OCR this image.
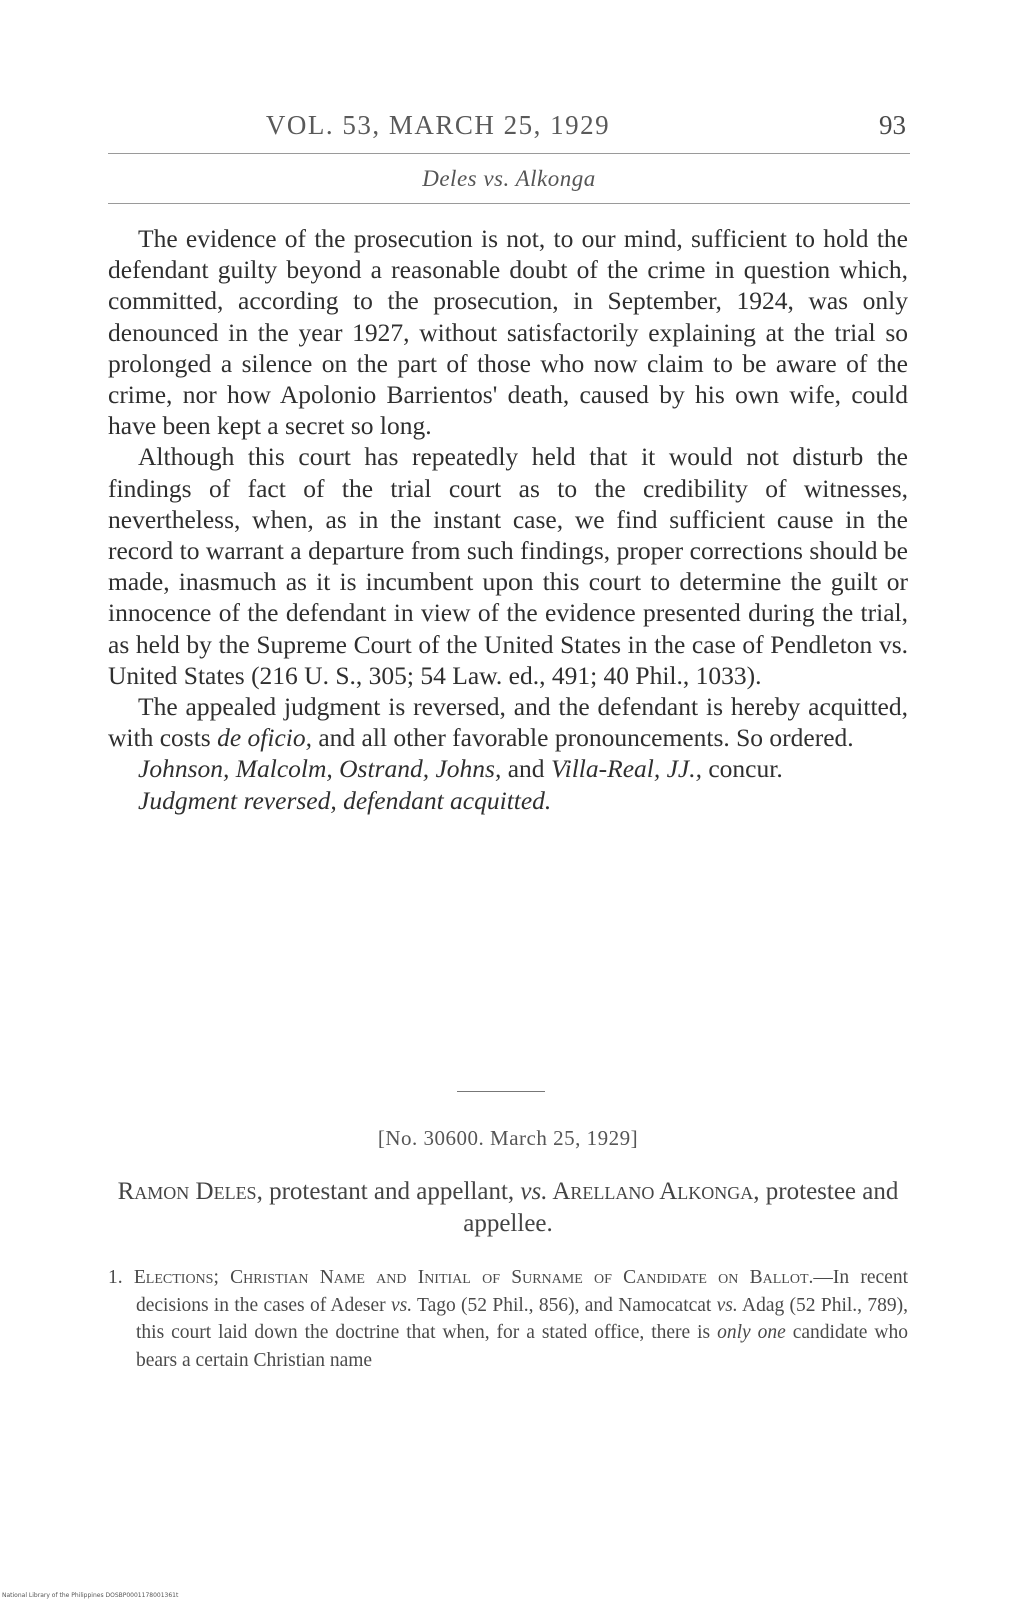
VOL. 53, MARCH 25, 1929	93
Deles vs. Alkonga

The evidence of the prosecution is not, to our mind, sufficient to hold the defendant guilty beyond a reasonable doubt of the crime in question which, committed, according to the prosecution, in September, 1924, was only denounced in the year 1927, without satisfactorily explaining at the trial so prolonged a silence on the part of those who now claim to be aware of the crime, nor how Apolonio Barrientos' death, caused by his own wife, could have been kept a secret so long.

Although this court has repeatedly held that it would not disturb the findings of fact of the trial court as to the credibility of witnesses, nevertheless, when, as in the instant case, we find sufficient cause in the record to warrant a departure from such findings, proper corrections should be made, inasmuch as it is incumbent upon this court to determine the guilt or innocence of the defendant in view of the evidence presented during the trial, as held by the Supreme Court of the United States in the case of Pendleton vs. United States (216 U. S., 305; 54 Law. ed., 491; 40 Phil., 1033).

The appealed judgment is reversed, and the defendant is hereby acquitted, with costs de oficio, and all other favorable pronouncements. So ordered.

Johnson, Malcolm, Ostrand, Johns, and Villa-Real, JJ., concur.

Judgment reversed, defendant acquitted.

[No. 30600. March 25, 1929]
Ramon Deles, protestant and appellant, vs. Arellano Alkonga, protestee and appellee.

1. Elections; Christian Name and Initial of Surname of Candidate on Ballot.—In recent decisions in the cases of Adeser vs. Tago (52 Phil., 856), and Namocatcat vs. Adag (52 Phil., 789), this court laid down the doctrine that when, for a stated office, there is only one candidate who bears a certain Christian name

National Library of the Philippines DOSBP0001178001361t
